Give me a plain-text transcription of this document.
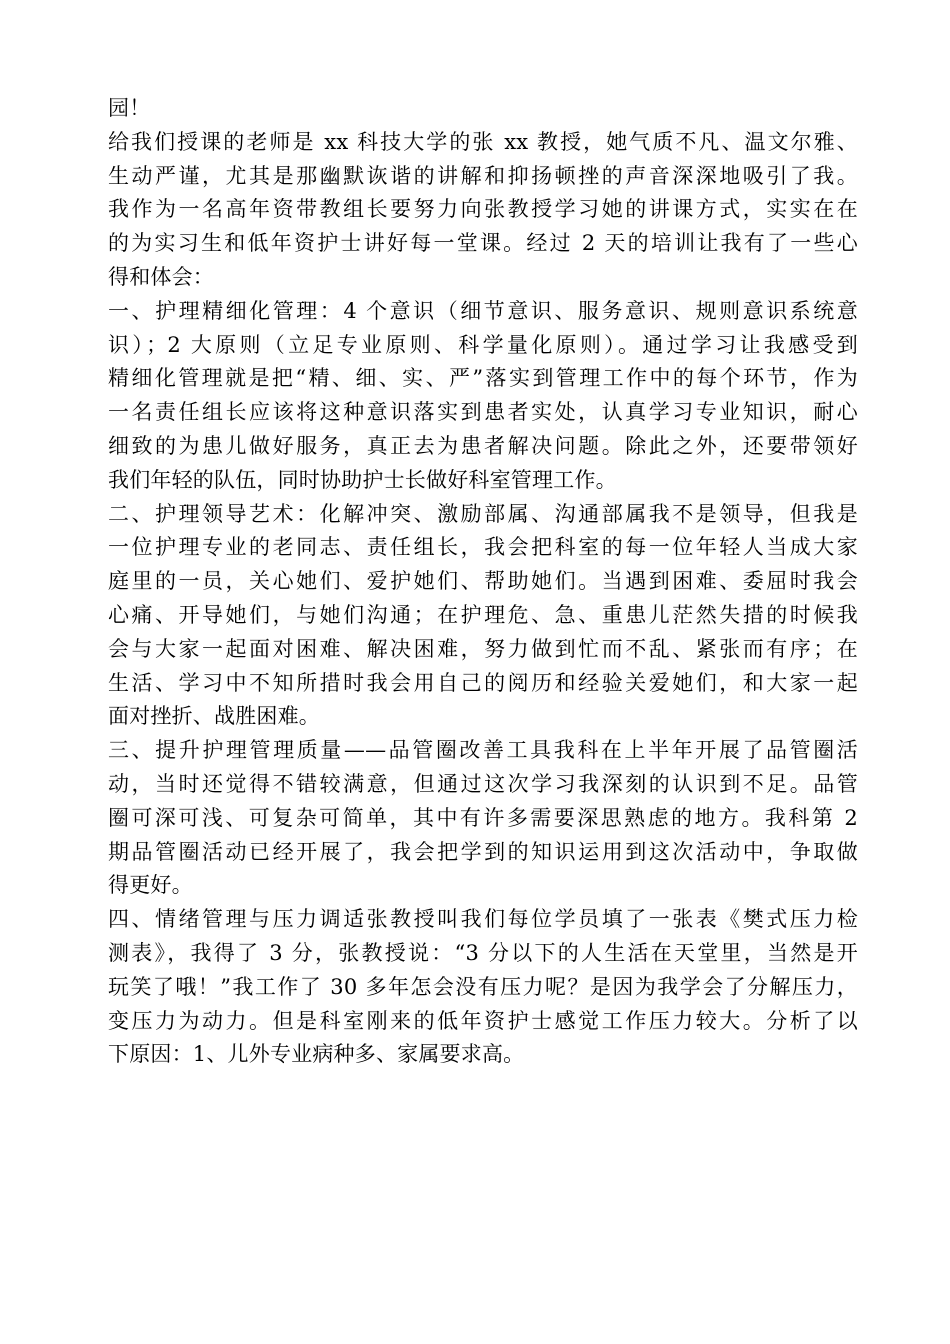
园！
给我们授课的老师是 xx 科技大学的张 xx 教授，她气质不凡、温文尔雅、
生动严谨，尤其是那幽默诙谐的讲解和抑扬顿挫的声音深深地吸引了我。
我作为一名高年资带教组长要努力向张教授学习她的讲课方式，实实在在
的为实习生和低年资护士讲好每一堂课。经过 2 天的培训让我有了一些心
得和体会：
一、护理精细化管理：4 个意识（细节意识、服务意识、规则意识系统意
识）；2 大原则（立足专业原则、科学量化原则）。通过学习让我感受到
精细化管理就是把“精、细、实、严”落实到管理工作中的每个环节，作为
一名责任组长应该将这种意识落实到患者实处，认真学习专业知识，耐心
细致的为患儿做好服务，真正去为患者解决问题。除此之外，还要带领好
我们年轻的队伍，同时协助护士长做好科室管理工作。
二、护理领导艺术：化解冲突、激励部属、沟通部属我不是领导，但我是
一位护理专业的老同志、责任组长，我会把科室的每一位年轻人当成大家
庭里的一员，关心她们、爱护她们、帮助她们。当遇到困难、委屈时我会
心痛、开导她们，与她们沟通；在护理危、急、重患儿茫然失措的时候我
会与大家一起面对困难、解决困难，努力做到忙而不乱、紧张而有序；在
生活、学习中不知所措时我会用自己的阅历和经验关爱她们，和大家一起
面对挫折、战胜困难。
三、提升护理管理质量——品管圈改善工具我科在上半年开展了品管圈活
动，当时还觉得不错较满意，但通过这次学习我深刻的认识到不足。品管
圈可深可浅、可复杂可简单，其中有许多需要深思熟虑的地方。我科第 2
期品管圈活动已经开展了，我会把学到的知识运用到这次活动中，争取做
得更好。
四、情绪管理与压力调适张教授叫我们每位学员填了一张表《樊式压力检
测表》，我得了 3 分，张教授说：“3 分以下的人生活在天堂里，当然是开
玩笑了哦！”我工作了 30 多年怎会没有压力呢？是因为我学会了分解压力，
变压力为动力。但是科室刚来的低年资护士感觉工作压力较大。分析了以
下原因：1、儿外专业病种多、家属要求高。
